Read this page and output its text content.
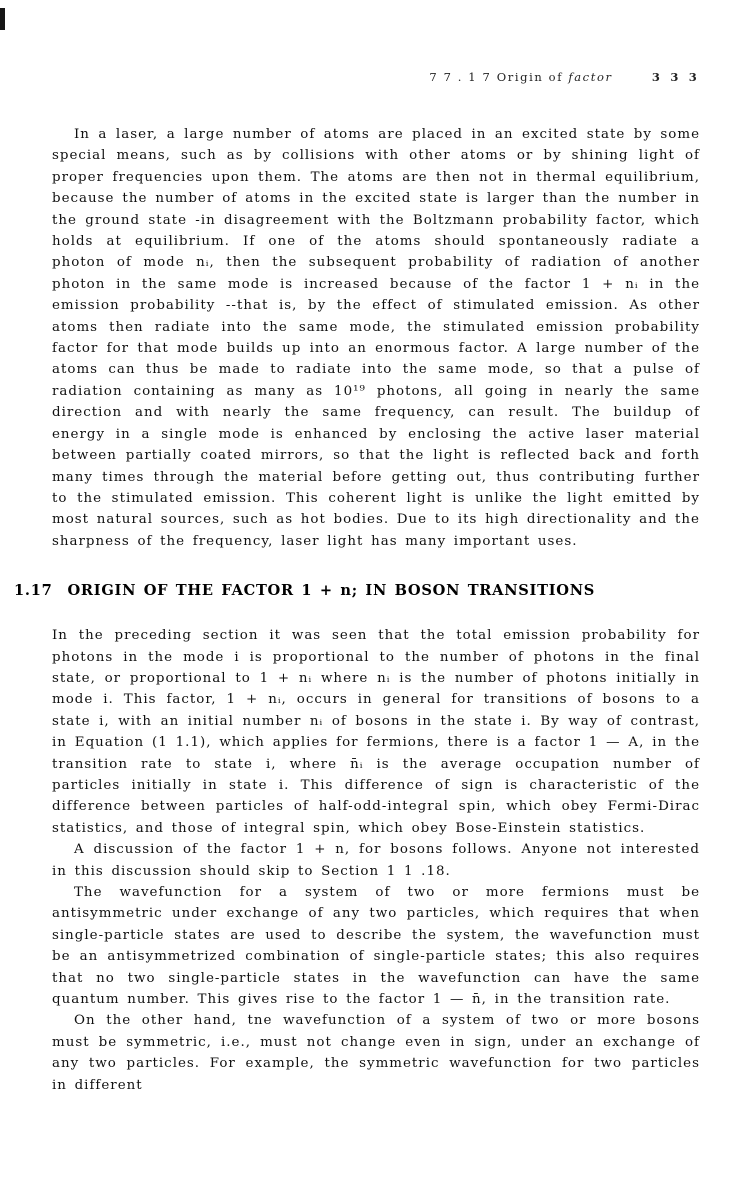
7 7 . 1 7 Origin of factor	3 3 3

In a laser, a large number of atoms are placed in an excited state by some special means, such as by collisions with other atoms or by shining light of proper frequencies upon them. The atoms are then not in thermal equilibrium, because the number of atoms in the excited state is larger than the number in the ground state -in disagreement with the Boltzmann probability factor, which holds at equilibrium. If one of the atoms should spontaneously radiate a photon of mode nᵢ, then the subsequent probability of radiation of another photon in the same mode is increased because of the factor 1 + nᵢ in the emission probability --that is, by the effect of stimulated emission. As other atoms then radiate into the same mode, the stimulated emission probability factor for that mode builds up into an enormous factor. A large number of the atoms can thus be made to radiate into the same mode, so that a pulse of radiation containing as many as 10¹⁹ photons, all going in nearly the same direction and with nearly the same frequency, can result. The buildup of energy in a single mode is enhanced by enclosing the active laser material between partially coated mirrors, so that the light is reflected back and forth many times through the material before getting out, thus contributing further to the stimulated emission. This coherent light is unlike the light emitted by most natural sources, such as hot bodies. Due to its high directionality and the sharpness of the frequency, laser light has many important uses.

1.17 ORIGIN OF THE FACTOR 1 + n; IN BOSON TRANSITIONS

In the preceding section it was seen that the total emission probability for photons in the mode i is proportional to the number of photons in the final state, or proportional to 1 + nᵢ where nᵢ is the number of photons initially in mode i. This factor, 1 + nᵢ, occurs in general for transitions of bosons to a state i, with an initial number nᵢ of bosons in the state i. By way of contrast, in Equation (1 1.1), which applies for fermions, there is a factor 1 — A, in the transition rate to state i, where n̄ᵢ is the average occupation number of particles initially in state i. This difference of sign is characteristic of the difference between particles of half-odd-integral spin, which obey Fermi-Dirac statistics, and those of integral spin, which obey Bose-Einstein statistics.

A discussion of the factor 1 + n, for bosons follows. Anyone not interested in this discussion should skip to Section 1 1 .18.

The wavefunction for a system of two or more fermions must be antisymmetric under exchange of any two particles, which requires that when single-particle states are used to describe the system, the wavefunction must be an antisymmetrized combination of single-particle states; this also requires that no two single-particle states in the wavefunction can have the same quantum number. This gives rise to the factor 1 — n̄, in the transition rate.

On the other hand, tne wavefunction of a system of two or more bosons must be symmetric, i.e., must not change even in sign, under an exchange of any two particles. For example, the symmetric wavefunction for two particles in different
